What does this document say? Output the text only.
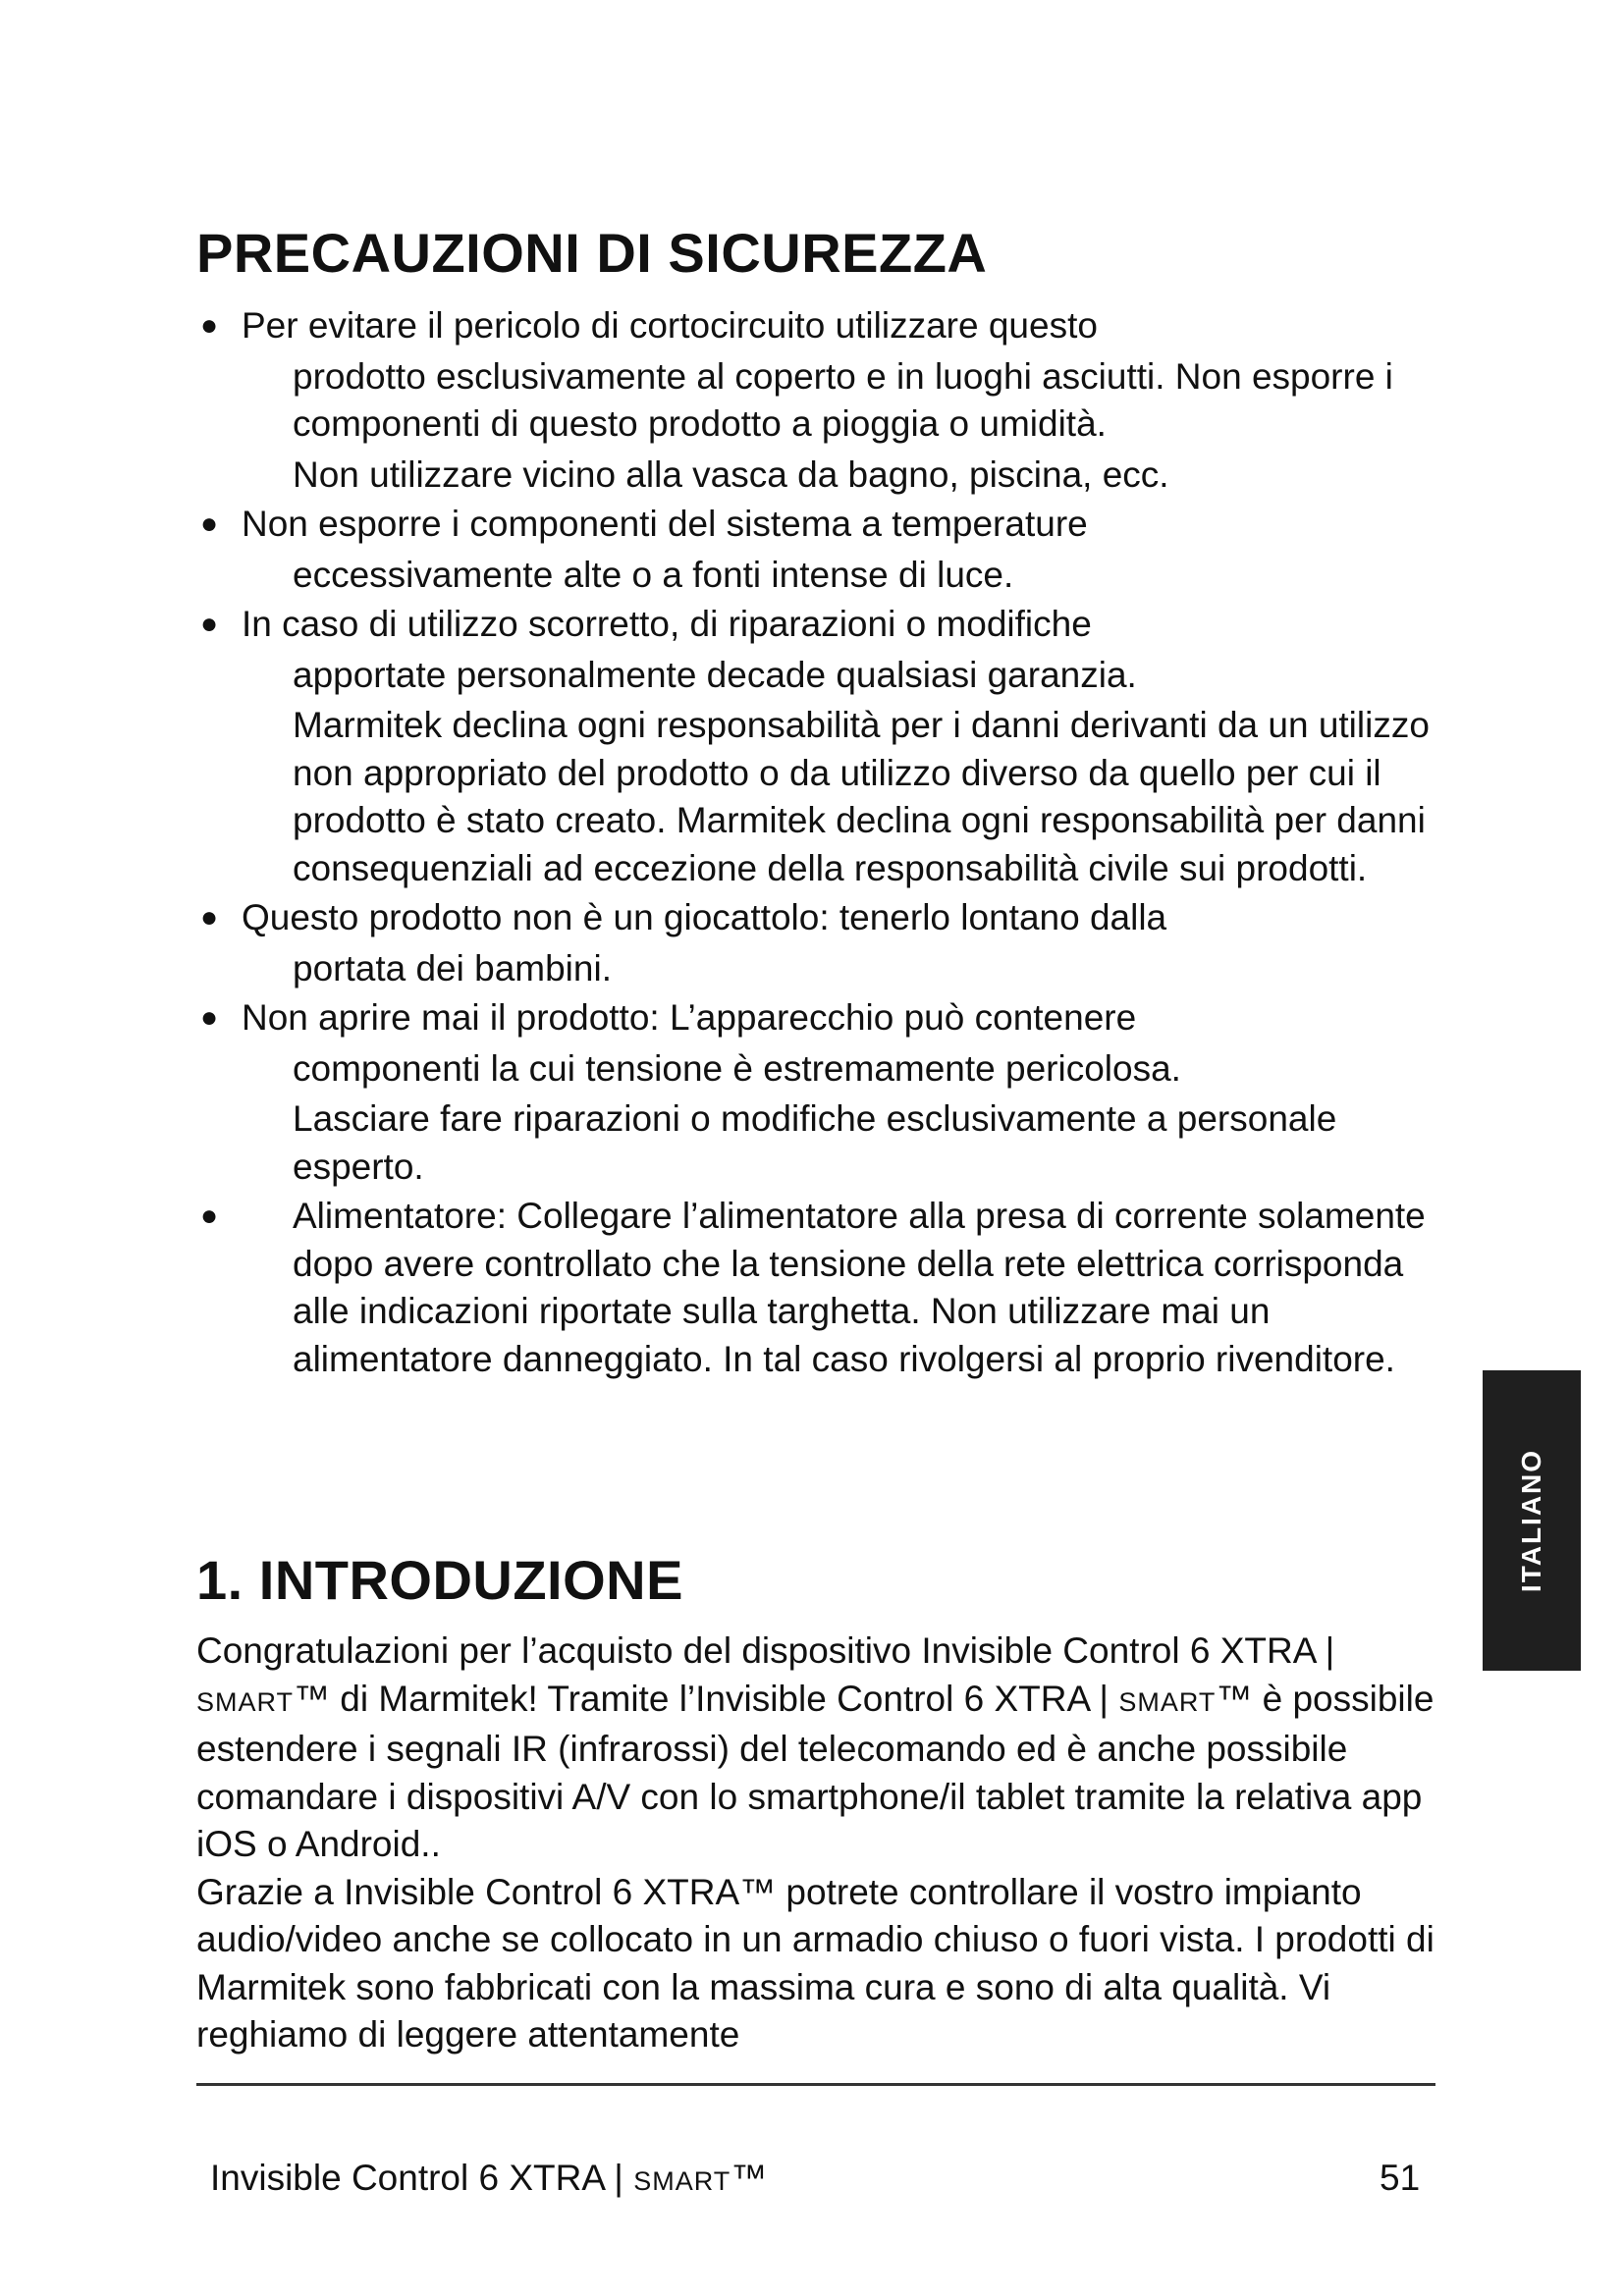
PRECAUZIONI DI SICUREZZA
● Per evitare il pericolo di cortocircuito utilizzare questo

prodotto esclusivamente al coperto e in luoghi asciutti. Non esporre i componenti di questo prodotto a pioggia o umidità.

Non utilizzare vicino alla vasca da bagno, piscina, ecc.

● Non esporre i componenti del sistema a temperature

eccessivamente alte o a fonti intense di luce.

● In caso di utilizzo scorretto, di riparazioni o modifiche

apportate personalmente decade qualsiasi garanzia.

Marmitek declina ogni responsabilità per i danni derivanti da un utilizzo non appropriato del prodotto o da utilizzo diverso da quello per cui il prodotto è stato creato. Marmitek declina ogni responsabilità per danni consequenziali ad eccezione della responsabilità civile sui prodotti.

● Questo prodotto non è un giocattolo: tenerlo lontano dalla

portata dei bambini.

● Non aprire mai il prodotto: L’apparecchio può contenere

componenti la cui tensione è estremamente pericolosa.

Lasciare fare riparazioni o modifiche esclusivamente a personale esperto.

● Alimentatore: Collegare l’alimentatore alla presa di corrente solamente dopo avere controllato che la tensione della rete elettrica corrisponda alle indicazioni riportate sulla targhetta. Non utilizzare mai un alimentatore danneggiato. In tal caso rivolgersi al proprio rivenditore.

1. INTRODUZIONE

Congratulazioni per l’acquisto del dispositivo Invisible Control 6 XTRA | SMART™ di Marmitek! Tramite l’Invisible Control 6 XTRA | SMART™ è possibile estendere i segnali IR (infrarossi) del telecomando ed è anche possibile comandare i dispositivi A/V con lo smartphone/il tablet tramite la relativa app iOS o Android..

Grazie a Invisible Control 6 XTRA™ potrete controllare il vostro impianto audio/video anche se collocato in un armadio chiuso o fuori vista. I prodotti di Marmitek sono fabbricati con la massima cura e sono di alta qualità. Vi reghiamo di leggere attentamente

Invisible Control 6 XTRA | SMART™	51
ITALIANO
